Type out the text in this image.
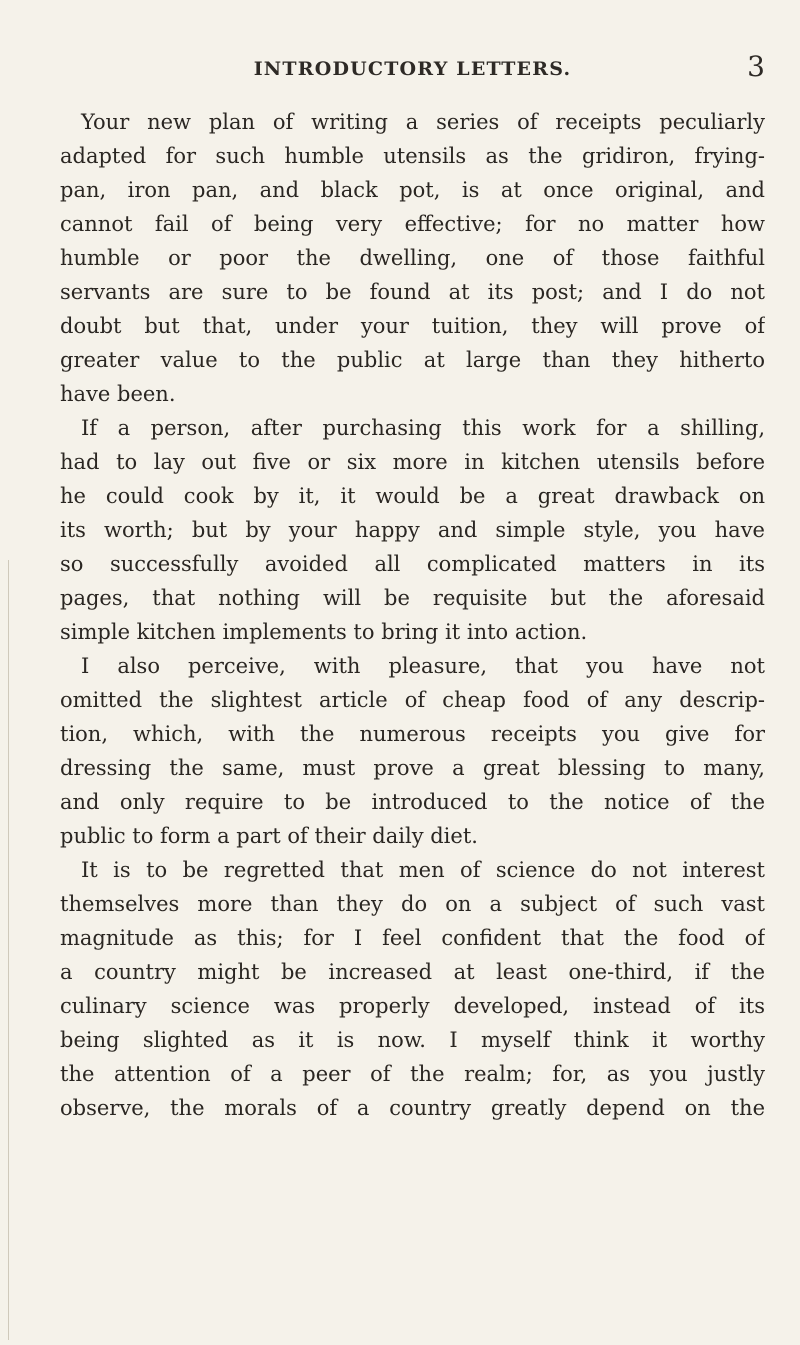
INTRODUCTORY LETTERS.	3
Your new plan of writing a series of receipts peculiarly
adapted for such humble utensils as the gridiron, frying-
pan, iron pan, and black pot, is at once original, and
cannot fail of being very effective; for no matter how
humble or poor the dwelling, one of those faithful
servants are sure to be found at its post; and I do not
doubt but that, under your tuition, they will prove of
greater value to the public at large than they hitherto
have been.
If a person, after purchasing this work for a shilling,
had to lay out five or six more in kitchen utensils before
he could cook by it, it would be a great drawback on
its worth; but by your happy and simple style, you have
so successfully avoided all complicated matters in its
pages, that nothing will be requisite but the aforesaid
simple kitchen implements to bring it into action.
I also perceive, with pleasure, that you have not
omitted the slightest article of cheap food of any descrip-
tion, which, with the numerous receipts you give for
dressing the same, must prove a great blessing to many,
and only require to be introduced to the notice of the
public to form a part of their daily diet.
It is to be regretted that men of science do not interest
themselves more than they do on a subject of such vast
magnitude as this; for I feel confident that the food of
a country might be increased at least one-third, if the
culinary science was properly developed, instead of its
being slighted as it is now. I myself think it worthy
the attention of a peer of the realm; for, as you justly
observe, the morals of a country greatly depend on the
